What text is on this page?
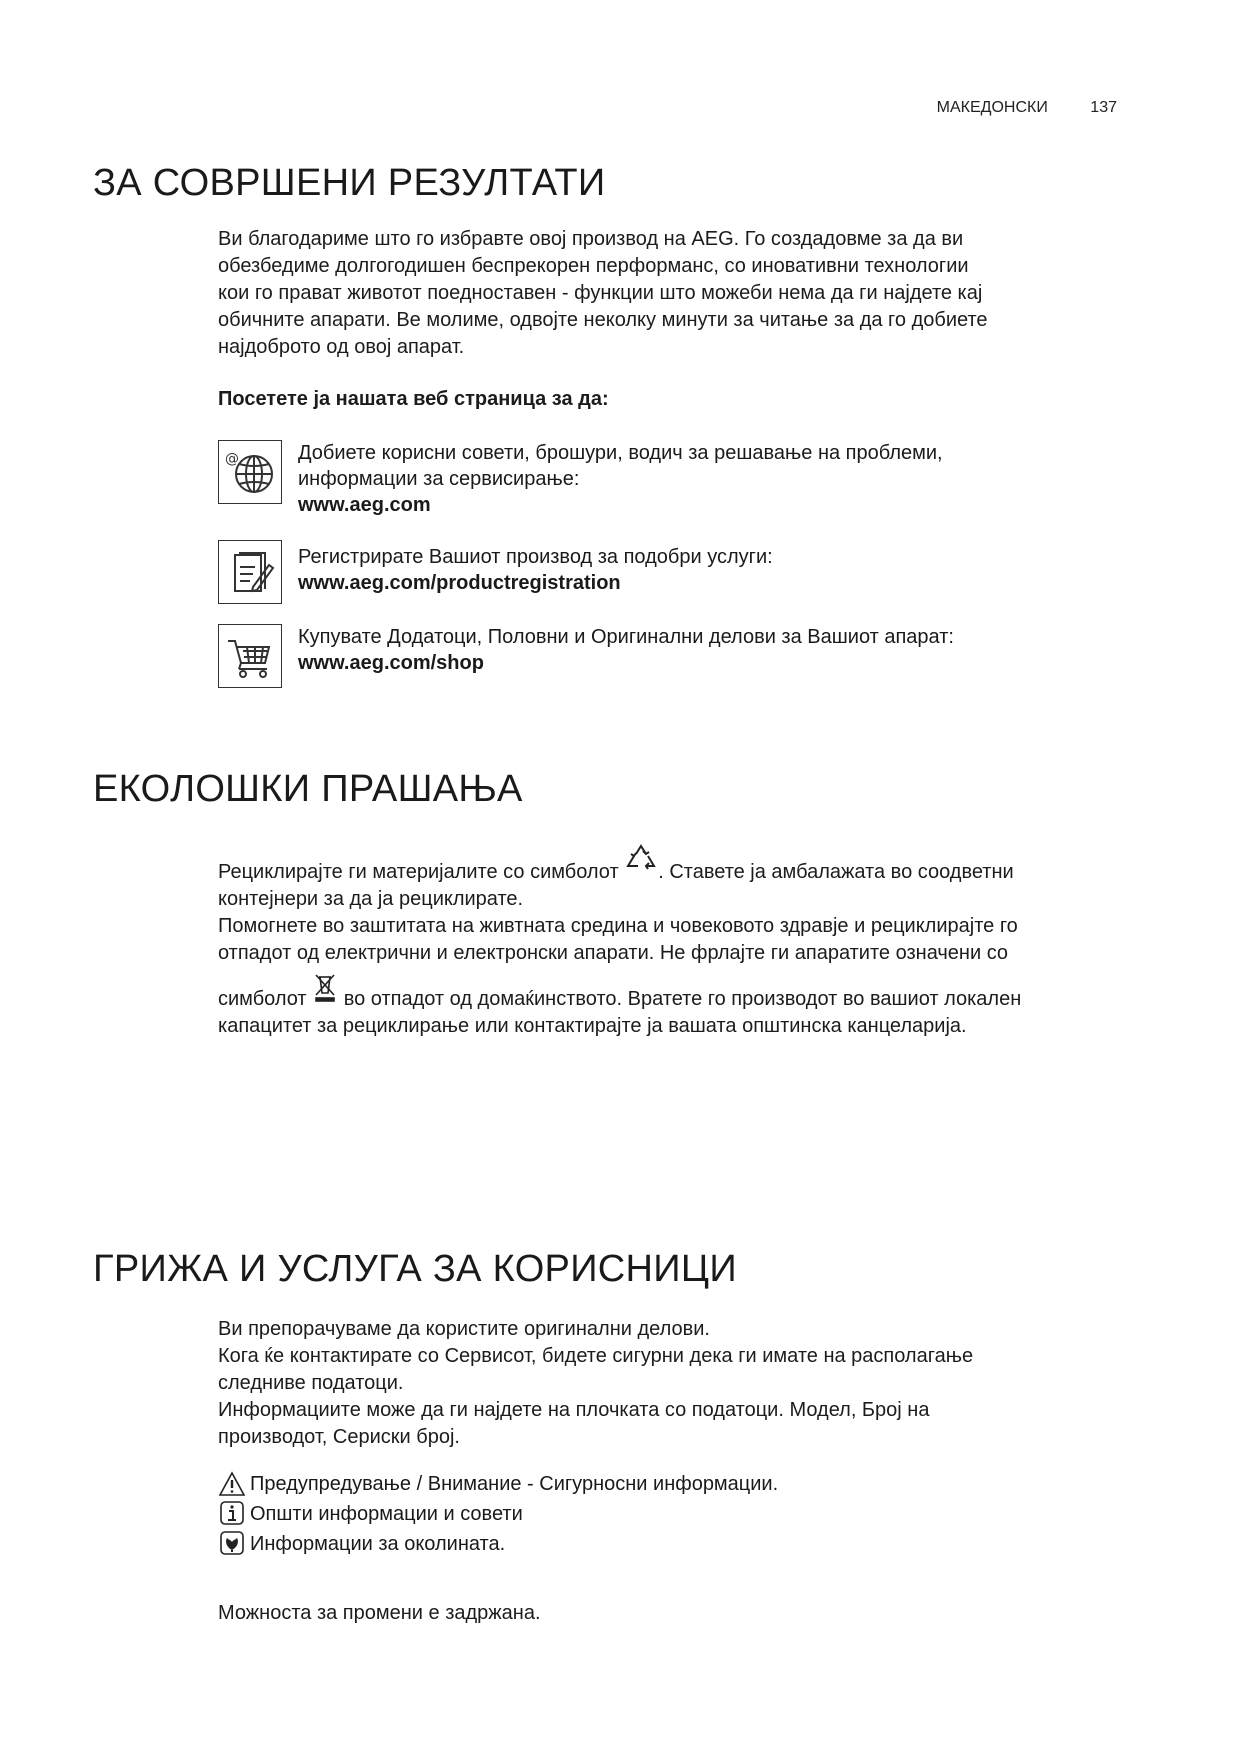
МАКЕДОНСКИ	137
ЗА СОВРШЕНИ РЕЗУЛТАТИ

Ви благодариме што го избравте овој производ на AEG. Го создадовме за да ви
обезбедиме долгогодишен беспрекорен перформанс, со иновативни технологии
кои го прават животот поедноставен - функции што можеби нема да ги најдете кај
обичните апарати. Ве молиме, одвојте неколку минути за читање за да го добиете
најдоброто од овој апарат.

Посетете ја нашата веб страница за да:

@	Добиете корисни совети, брошури, водич за решавање на проблеми,
информации за сервисирање:
www.aeg.com
Регистрирате Вашиот производ за подобри услуги:
www.aeg.com/productregistration
Купувате Додатоци, Половни и Оригинални делови за Вашиот апарат:
www.aeg.com/shop
ЕКОЛОШКИ ПРАШАЊА
Рециклирајте ги материјалите со симболот . Ставете ја амбалажата во соодветни
контејнери за да ја рециклирате.
Помогнете во заштитата на живтната средина и човековото здравје и рециклирајте го
отпадот од електрични и електронски апарати. Не фрлајте ги апаратите означени со
симболот во отпадот од домаќинството. Вратете го производот во вашиот локален
капацитет за рециклирање или контактирајте ја вашата општинска канцеларија.
ГРИЖА И УСЛУГА ЗА КОРИСНИЦИ

Ви препорачуваме да користите оригинални делови.
Кога ќе контактирате со Сервисот, бидете сигурни дека ги имате на располагање
следниве податоци.
Информациите може да ги најдете на плочката со податоци. Модел, Број на
производот, Сериски број.

Предупредување / Внимание - Сигурносни информации.
Општи информации и совети
Информации за околината.

Можноста за промени е задржана.
